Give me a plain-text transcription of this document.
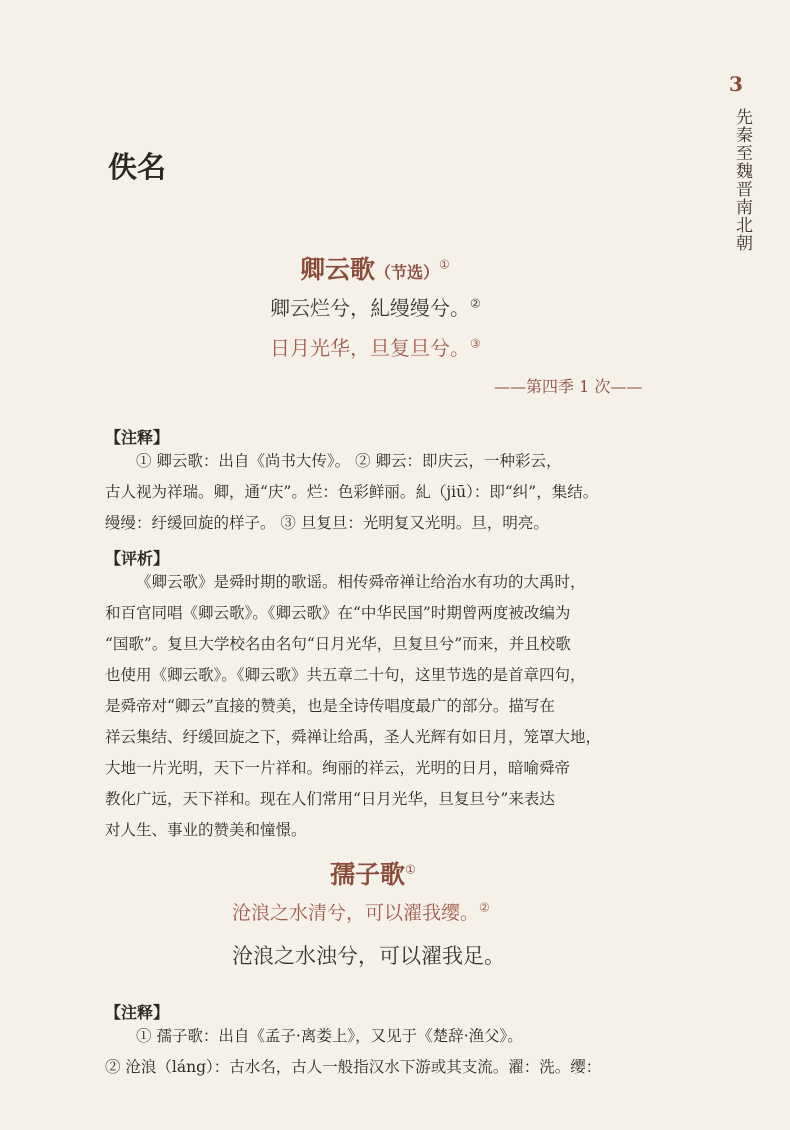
3
先秦至魏晋南北朝
佚名
卿云歌（节选）①
卿云烂兮，糺缦缦兮。②
日月光华，旦复旦兮。③
——第四季 1 次——
【注释】
① 卿云歌：出自《尚书大传》。 ② 卿云：即庆云，一种彩云，
古人视为祥瑞。卿，通“庆”。烂：色彩鲜丽。糺（jiū）：即“纠”，集结。
缦缦：纡缓回旋的样子。 ③ 旦复旦：光明复又光明。旦，明亮。
【评析】
《卿云歌》是舜时期的歌谣。相传舜帝禅让给治水有功的大禹时，
和百官同唱《卿云歌》。《卿云歌》在“中华民国”时期曾两度被改编为
“国歌”。复旦大学校名由名句“日月光华，旦复旦兮”而来，并且校歌
也使用《卿云歌》。《卿云歌》共五章二十句，这里节选的是首章四句，
是舜帝对“卿云”直接的赞美，也是全诗传唱度最广的部分。描写在
祥云集结、纡缓回旋之下，舜禅让给禹，圣人光辉有如日月，笼罩大地，
大地一片光明，天下一片祥和。绚丽的祥云，光明的日月，暗喻舜帝
教化广远，天下祥和。现在人们常用“日月光华，旦复旦兮”来表达
对人生、事业的赞美和憧憬。
孺子歌①
沧浪之水清兮，可以濯我缨。②
沧浪之水浊兮，可以濯我足。
【注释】
① 孺子歌：出自《孟子·离娄上》，又见于《楚辞·渔父》。
② 沧浪（láng）：古水名，古人一般指汉水下游或其支流。濯：洗。缨：
